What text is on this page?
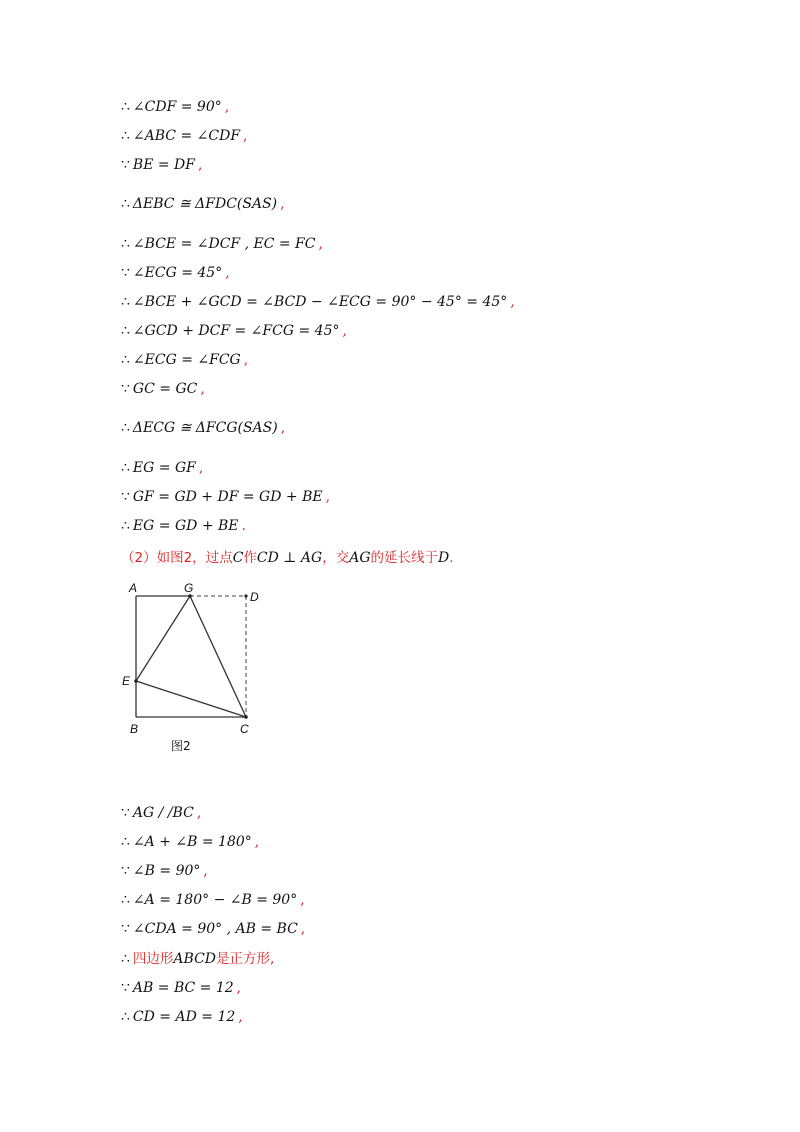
∴ ∠CDF = 90° ,
∴ ∠ABC = ∠CDF ,
∵ BE = DF ,
∴ ΔEBC ≅ ΔFDC(SAS) ,
∴ ∠BCE = ∠DCF , EC = FC ,
∵ ∠ECG = 45° ,
∴ ∠BCE + ∠GCD = ∠BCD − ∠ECG = 90° − 45° = 45° ,
∴ ∠GCD + DCF = ∠FCG = 45° ,
∴ ∠ECG = ∠FCG ,
∵ GC = GC ,
∴ ΔECG ≅ ΔFCG(SAS) ,
∴ EG = GF ,
∵ GF = GD + DF = GD + BE ,
∴ EG = GD + BE .
（2）如图2，过点C作CD ⊥ AG，交AG的延长线于D.
A	G
D
E
B	C
图2
∵ AG / /BC ,
∴ ∠A + ∠B = 180° ,
∵ ∠B = 90° ,
∴ ∠A = 180° − ∠B = 90° ,
∵ ∠CDA = 90° , AB = BC ,
∴ 四边形ABCD是正方形,
∵ AB = BC = 12 ,
∴ CD = AD = 12 ,
